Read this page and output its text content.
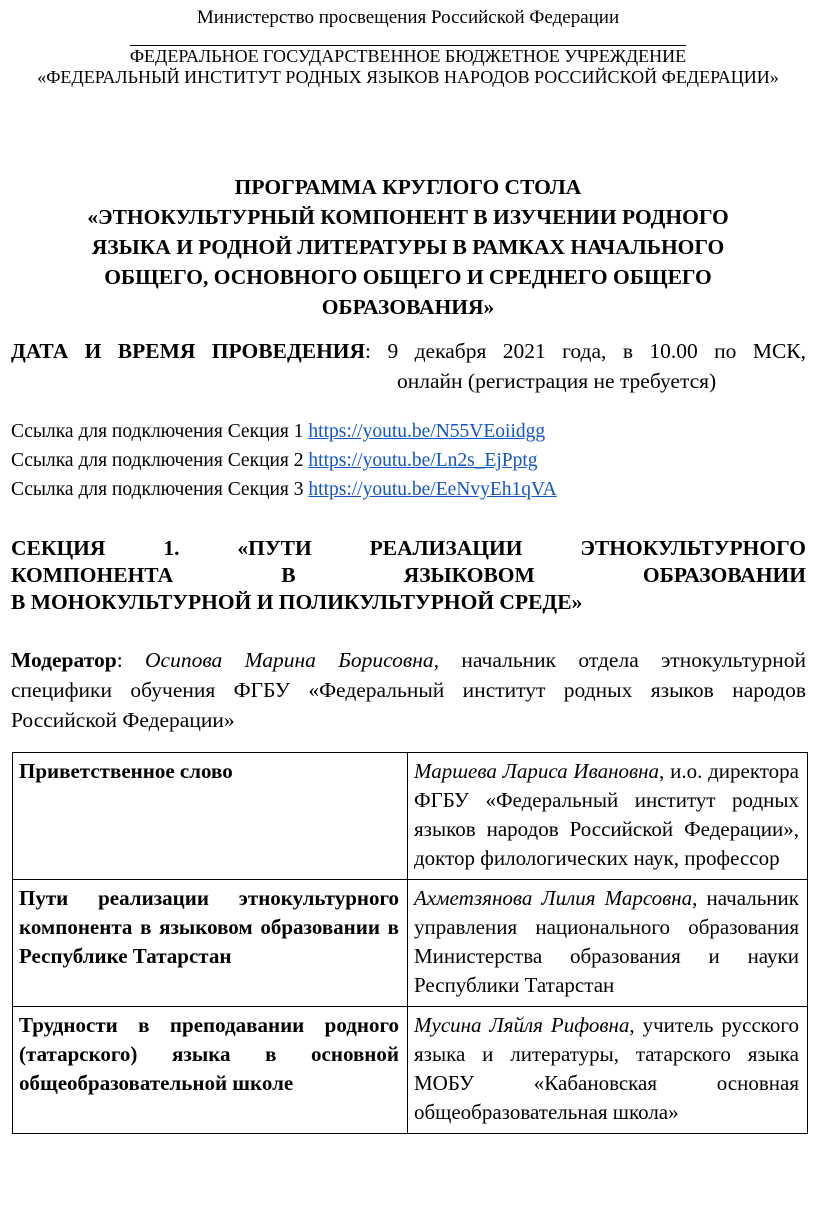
Министерство просвещения Российской Федерации
ФЕДЕРАЛЬНОЕ ГОСУДАРСТВЕННОЕ БЮДЖЕТНОЕ УЧРЕЖДЕНИЕ
«ФЕДЕРАЛЬНЫЙ ИНСТИТУТ РОДНЫХ ЯЗЫКОВ НАРОДОВ РОССИЙСКОЙ ФЕДЕРАЦИИ»
ПРОГРАММА КРУГЛОГО СТОЛА
«ЭТНОКУЛЬТУРНЫЙ КОМПОНЕНТ В ИЗУЧЕНИИ РОДНОГО
ЯЗЫКА И РОДНОЙ ЛИТЕРАТУРЫ В РАМКАХ НАЧАЛЬНОГО
ОБЩЕГО, ОСНОВНОГО ОБЩЕГО И СРЕДНЕГО ОБЩЕГО
ОБРАЗОВАНИЯ»
ДАТА И ВРЕМЯ ПРОВЕДЕНИЯ: 9 декабря 2021 года, в 10.00 по МСК,
онлайн (регистрация не требуется)
Ссылка для подключения Секция 1 https://youtu.be/N55VEoiidgg
Ссылка для подключения Секция 2 https://youtu.be/Ln2s_EjPptg
Ссылка для подключения Секция 3 https://youtu.be/EeNvyEh1qVA
СЕКЦИЯ 1. «ПУТИ РЕАЛИЗАЦИИ ЭТНОКУЛЬТУРНОГО
КОМПОНЕНТА В ЯЗЫКОВОМ ОБРАЗОВАНИИ
В МОНОКУЛЬТУРНОЙ И ПОЛИКУЛЬТУРНОЙ СРЕДЕ»
Модератор: Осипова Марина Борисовна, начальник отдела этнокультурной специфики обучения ФГБУ «Федеральный институт родных языков народов Российской Федерации»
Приветственное слово	Маршева Лариса Ивановна, и.о. директора ФГБУ «Федеральный институт родных языков народов Российской Федерации», доктор филологических наук, профессор
Пути реализации этнокультурного компонента в языковом образовании в Республике Татарстан	Ахметзянова Лилия Марсовна, начальник управления национального образования Министерства образования и науки Республики Татарстан
Трудности в преподавании родного (татарского) языка в основной общеобразовательной школе	Мусина Ляйля Рифовна, учитель русского языка и литературы, татарского языка МОБУ «Кабановская основная общеобразовательная школа»
